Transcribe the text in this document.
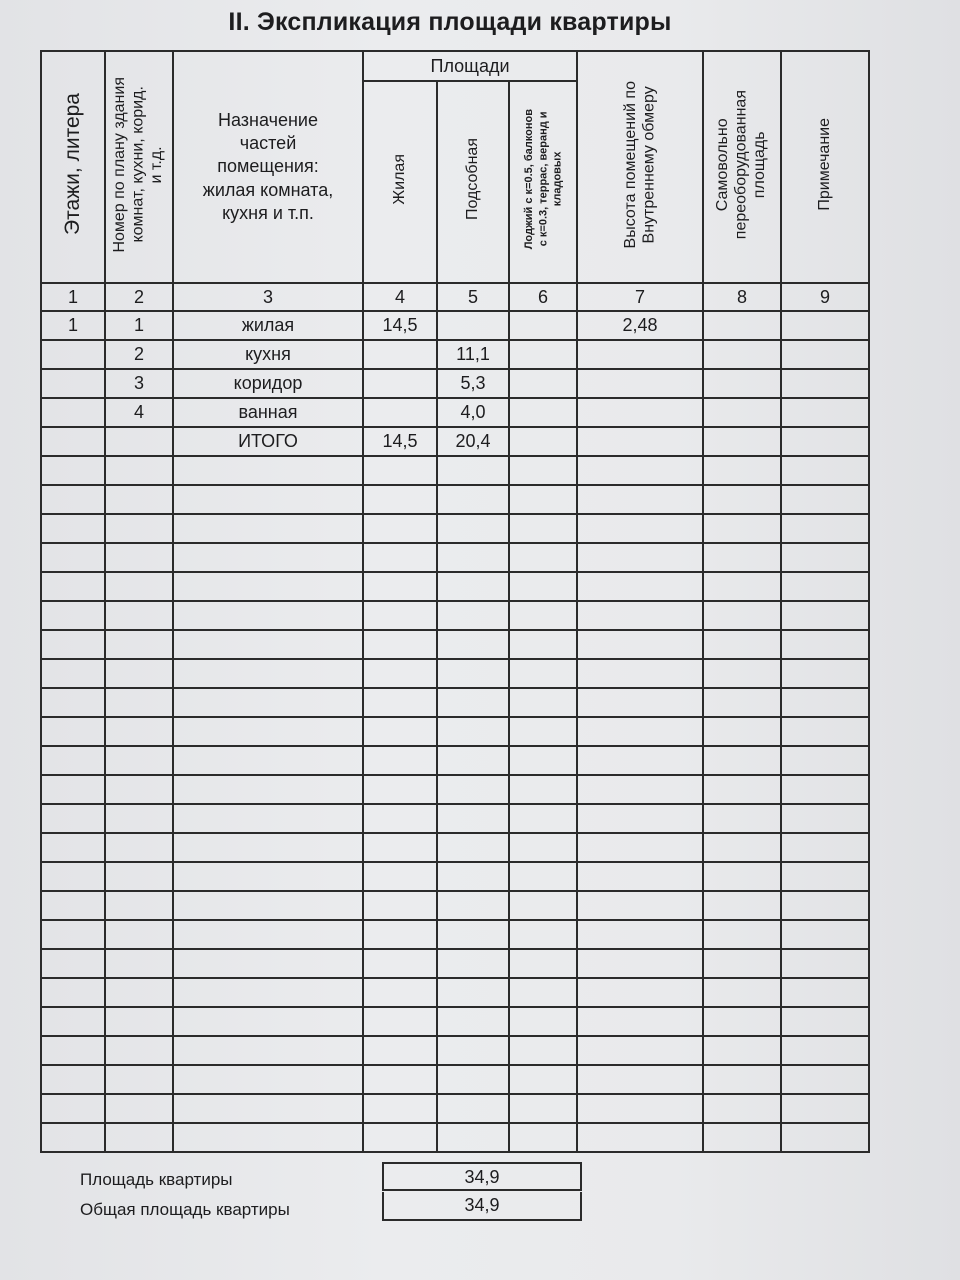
II. Экспликация площади квартиры
Этажи, литера	Номер по плану здания
комнат, кухни, корид.
и т.д.	Назначение
частей
помещения:
жилая комната,
кухня и т.п.	Площади			Высота помещений по
Внутреннему обмеру	Самовольно
переоборудованная
площадь	Примечание
			Жилая	Подсобная	Лоджий с к=0.5, балконов с к=0.3, террас, веранд и кладовых			
1	2	3	4	5	6	7	8	9
1	1	жилая	14,5			2,48		
	2	кухня		11,1				
	3	коридор		5,3				
	4	ванная		4,0				
		ИТОГО	14,5	20,4				

Площадь квартиры	34,9
Общая площадь квартиры	34,9
